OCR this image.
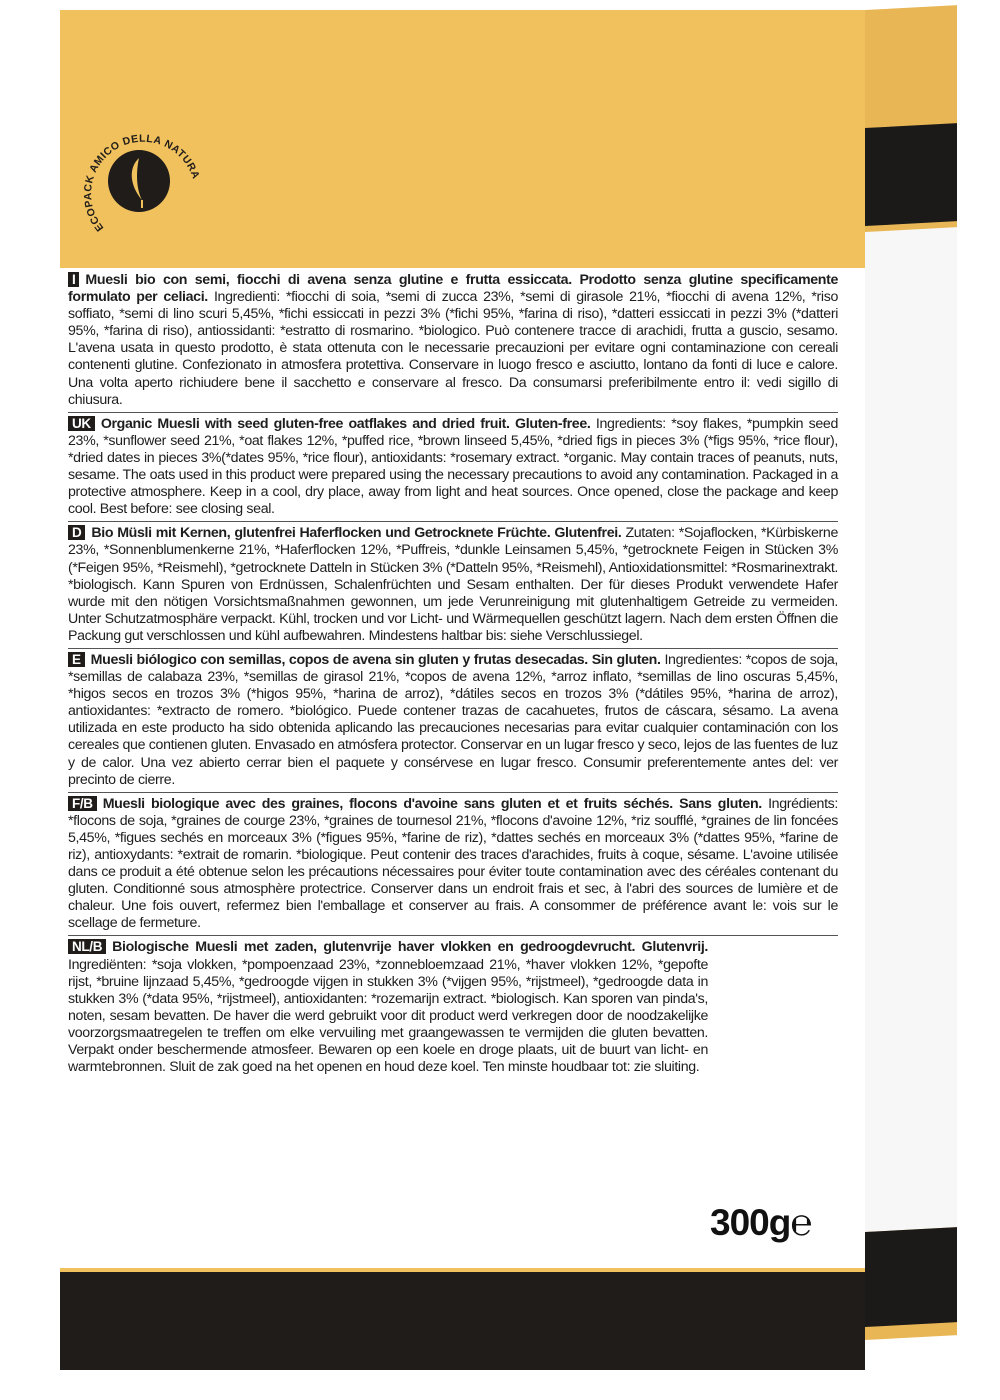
ECOPACK AMICO DELLA NATURA
I Muesli bio con semi, fiocchi di avena senza glutine e frutta essiccata. Prodotto senza glutine specificamente formulato per celiaci. Ingredienti: *fiocchi di soia, *semi di zucca 23%, *semi di girasole 21%, *fiocchi di avena 12%, *riso soffiato, *semi di lino scuri 5,45%, *fichi essiccati in pezzi 3% (*fichi 95%, *farina di riso), *datteri essiccati in pezzi 3% (*datteri 95%, *farina di riso), antiossidanti: *estratto di rosmarino. *biologico. Può contenere tracce di arachidi, frutta a guscio, sesamo. L'avena usata in questo prodotto, è stata ottenuta con le necessarie precauzioni per evitare ogni contaminazione con cereali contenenti glutine. Confezionato in atmosfera protettiva. Conservare in luogo fresco e asciutto, lontano da fonti di luce e calore. Una volta aperto richiudere bene il sacchetto e conservare al fresco. Da consumarsi preferibilmente entro il: vedi sigillo di chiusura.
UK Organic Muesli with seed gluten-free oatflakes and dried fruit. Gluten-free. Ingredients: *soy flakes, *pumpkin seed 23%, *sunflower seed 21%, *oat flakes 12%, *puffed rice, *brown linseed 5,45%, *dried figs in pieces 3% (*figs 95%, *rice flour), *dried dates in pieces 3%(*dates 95%, *rice flour), antioxidants: *rosemary extract. *organic. May contain traces of peanuts, nuts, sesame. The oats used in this product were prepared using the necessary precautions to avoid any contamination. Packaged in a protective atmosphere. Keep in a cool, dry place, away from light and heat sources. Once opened, close the package and keep cool. Best before: see closing seal.
D Bio Müsli mit Kernen, glutenfrei Haferflocken und Getrocknete Früchte. Glutenfrei. Zutaten: *Sojaflocken, *Kürbiskerne 23%, *Sonnenblumenkerne 21%, *Haferflocken 12%, *Puffreis, *dunkle Leinsamen 5,45%, *getrocknete Feigen in Stücken 3% (*Feigen 95%, *Reismehl), *getrocknete Datteln in Stücken 3% (*Datteln 95%, *Reismehl), Antioxidationsmittel: *Rosmarinextrakt. *biologisch. Kann Spuren von Erdnüssen, Schalenfrüchten und Sesam enthalten. Der für dieses Produkt verwendete Hafer wurde mit den nötigen Vorsichtsmaßnahmen gewonnen, um jede Verunreinigung mit glutenhaltigem Getreide zu vermeiden. Unter Schutzatmosphäre verpackt. Kühl, trocken und vor Licht- und Wärmequellen geschützt lagern. Nach dem ersten Öffnen die Packung gut verschlossen und kühl aufbewahren. Mindestens haltbar bis: siehe Verschlussiegel.
E Muesli biólogico con semillas, copos de avena sin gluten y frutas desecadas. Sin gluten. Ingredientes: *copos de soja, *semillas de calabaza 23%, *semillas de girasol 21%, *copos de avena 12%, *arroz inflato, *semillas de lino oscuras 5,45%, *higos secos en trozos 3% (*higos 95%, *harina de arroz), *dátiles secos en trozos 3% (*dátiles 95%, *harina de arroz), antioxidantes: *extracto de romero. *biológico. Puede contener trazas de cacahuetes, frutos de cáscara, sésamo. La avena utilizada en este producto ha sido obtenida aplicando las precauciones necesarias para evitar cualquier contaminación con los cereales que contienen gluten. Envasado en atmósfera protector. Conservar en un lugar fresco y seco, lejos de las fuentes de luz y de calor. Una vez abierto cerrar bien el paquete y consérvese en lugar fresco. Consumir preferentemente antes del: ver precinto de cierre.
F/B Muesli biologique avec des graines, flocons d'avoine sans gluten et et fruits séchés. Sans gluten. Ingrédients: *flocons de soja, *graines de courge 23%, *graines de tournesol 21%, *flocons d'avoine 12%, *riz soufflé, *graines de lin foncées 5,45%, *figues sechés en morceaux 3% (*figues 95%, *farine de riz), *dattes sechés en morceaux 3% (*dattes 95%, *farine de riz), antioxydants: *extrait de romarin. *biologique. Peut contenir des traces d'arachides, fruits à coque, sésame. L'avoine utilisée dans ce produit a été obtenue selon les précautions nécessaires pour éviter toute contamination avec des céréales contenant du gluten. Conditionné sous atmosphère protectrice. Conserver dans un endroit frais et sec, à l'abri des sources de lumière et de chaleur. Une fois ouvert, refermez bien l'emballage et conserver au frais. A consommer de préférence avant le: vois sur le scellage de fermeture.
NL/B Biologische Muesli met zaden, glutenvrije haver vlokken en gedroogdevrucht. Glutenvrij. Ingrediënten: *soja vlokken, *pompoenzaad 23%, *zonnebloemzaad 21%, *haver vlokken 12%, *gepofte rijst, *bruine lijnzaad 5,45%, *gedroogde vijgen in stukken 3% (*vijgen 95%, *rijstmeel), *gedroogde data in stukken 3% (*data 95%, *rijstmeel), antioxidanten: *rozemarijn extract. *biologisch. Kan sporen van pinda's, noten, sesam bevatten. De haver die werd gebruikt voor dit product werd verkregen door de noodzakelijke voorzorgsmaatregelen te treffen om elke vervuiling met graangewassen te vermijden die gluten bevatten. Verpakt onder beschermende atmosfeer. Bewaren op een koele en droge plaats, uit de buurt van licht- en warmtebronnen. Sluit de zak goed na het openen en houd deze koel. Ten minste houdbaar tot: zie sluiting.
300g℮
